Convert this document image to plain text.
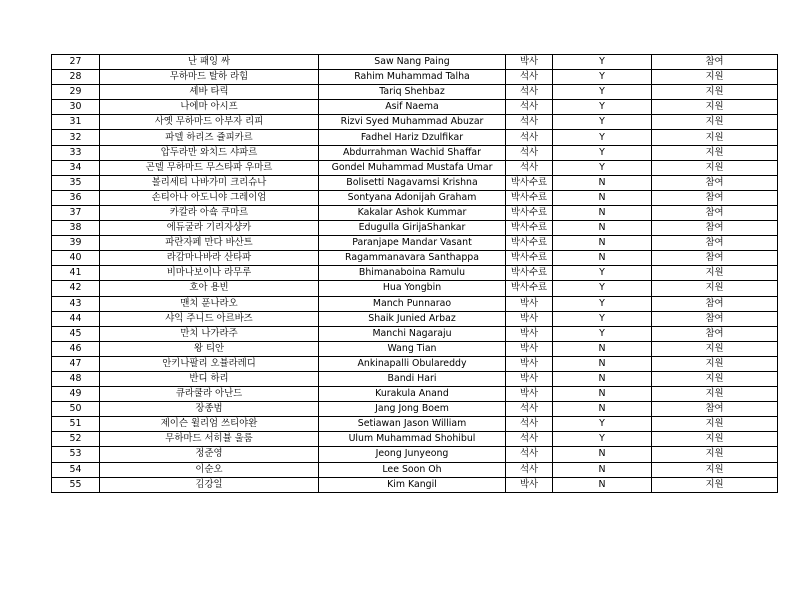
27	난 패잉 싸	Saw Nang Paing	박사	Y	참여
28	무하마드 탈하 라힘	Rahim Muhammad Talha	석사	Y	지원
29	셰바 타릭	Tariq Shehbaz	석사	Y	지원
30	나에마 아시프	Asif Naema	석사	Y	지원
31	사옛 무하마드 아부자 리피	Rizvi Syed Muhammad Abuzar	석사	Y	지원
32	파델 하리즈 쥴피카르	Fadhel Hariz Dzulfikar	석사	Y	지원
33	압두라만 와치드 샤파르	Abdurrahman Wachid Shaffar	석사	Y	지원
34	곤델 무하마드 무스타파 우마르	Gondel Muhammad Mustafa Umar	석사	Y	지원
35	볼리세티 나바가미 크리슈나	Bolisetti Nagavamsi Krishna	박사수료	N	참여
36	손티아나 아도니야 그레이엄	Sontyana Adonijah Graham	박사수료	N	참여
37	카칼라 아숔 쿠마르	Kakalar Ashok Kummar	박사수료	N	참여
38	에듀굴라 기리자샹카	Edugulla GirijaShankar	박사수료	N	참여
39	파란자페 만다 바산트	Paranjape Mandar Vasant	박사수료	N	참여
40	라감마나바라 산타파	Ragammanavara Santhappa	박사수료	N	참여
41	비마나보이나 라무루	Bhimanaboina Ramulu	박사수료	Y	지원
42	호아 용빈	Hua Yongbin	박사수료	Y	지원
43	맨치 푼나라오	Manch Punnarao	박사	Y	참여
44	샤익 주니드 아르바즈	Shaik Junied Arbaz	박사	Y	참여
45	만치 나가라주	Manchi Nagaraju	박사	Y	참여
46	왕 티안	Wang Tian	박사	N	지원
47	안키나팔리 오뷸라레디	Ankinapalli Obulareddy	박사	N	지원
48	반디 하리	Bandi Hari	박사	N	지원
49	큐라쿨라 아난드	Kurakula Anand	박사	N	지원
50	장종범	Jang Jong Boem	석사	N	참여
51	제이슨 윌리엄 쓰티야완	Setiawan Jason William	석사	Y	지원
52	무하마드 서히뷸 울룸	Ulum Muhammad Shohibul	석사	Y	지원
53	정준영	Jeong Junyeong	석사	N	지원
54	이순오	Lee Soon Oh	석사	N	지원
55	김강일	Kim Kangil	박사	N	지원
